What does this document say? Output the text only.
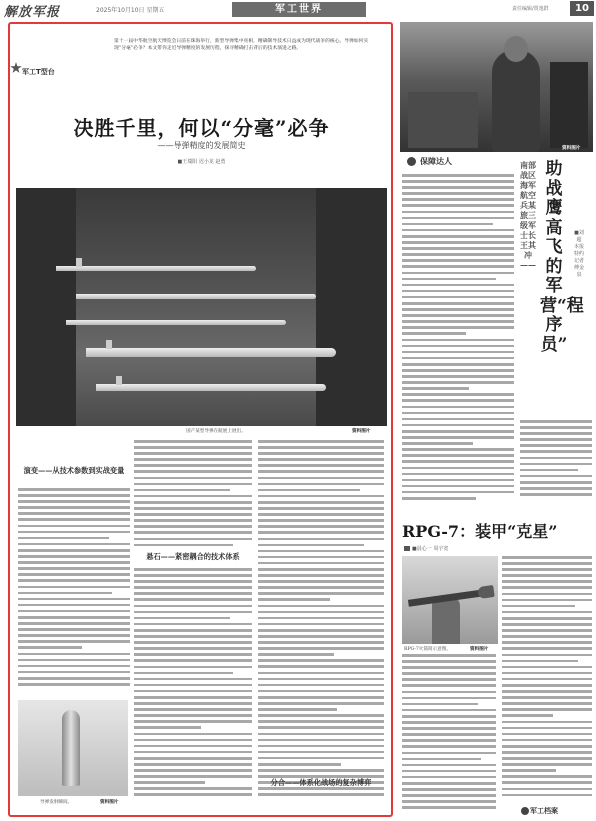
解放军报	2025年10月10日 星期五	军工世界	责任编辑/贾逸群	10
军工T型台
第十一届中华航空航天博览会日前在珠海举行，新型导弹集中亮相，精确制导技术日益成为现代战争的核心。导弹如何实现“分毫”必争？本文带你走近导弹精度的发展历程，探寻精确打击背后的技术演进之路。
决胜千里，何以“分毫”必争
——导弹精度的发展简史
■王瑞阳 迟小龙 赵勇
国产某型导弹在航展上展出。	资料图片
演变——从技术参数到实战变量
悬石——紧密耦合的技术体系
分合——体系化战场的复杂博弈
导弹发射瞬间。	资料图片
资料图片
保障达人	南部战区海军航空兵某旅三级军士长王其冲——
助战鹰高飞的军营“程序员”
■刘超 本报特约记者 傅金泉
RPG-7：装甲“克星”
■晨心一 周宇宽
RPG-7火箭筒示意图。	资料图片
军工档案
